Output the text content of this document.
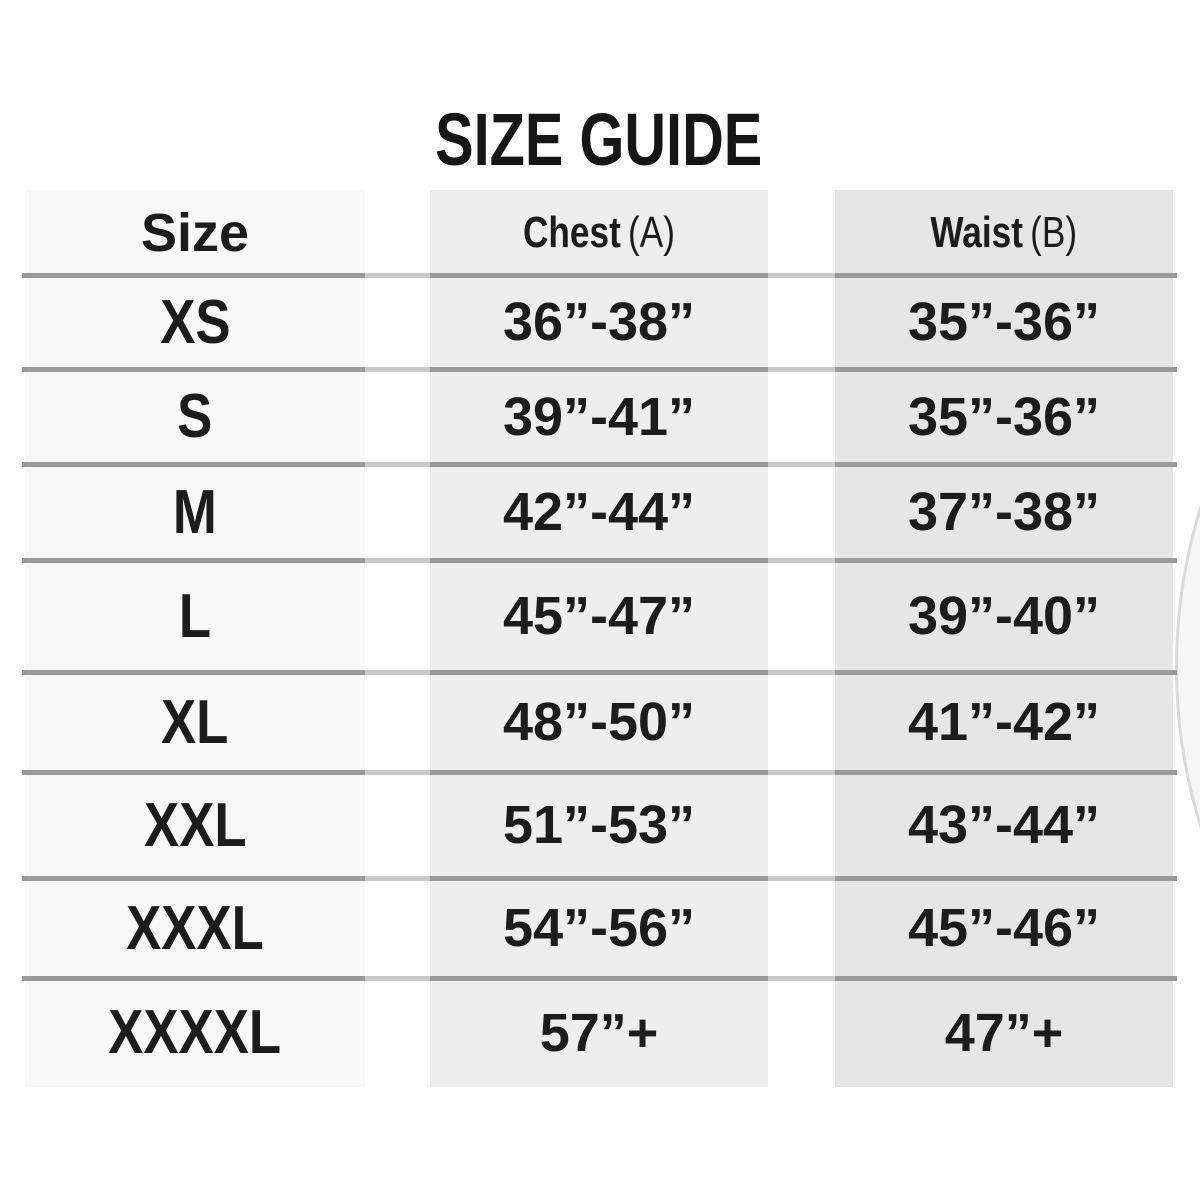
SIZE GUIDE
Size
XS
S
M
L
XL
XXL
XXXL
XXXXL
Chest (A)
36”-38”
39”-41”
42”-44”
45”-47”
48”-50”
51”-53”
54”-56”
57”+
Waist (B)
35”-36”
35”-36”
37”-38”
39”-40”
41”-42”
43”-44”
45”-46”
47”+
